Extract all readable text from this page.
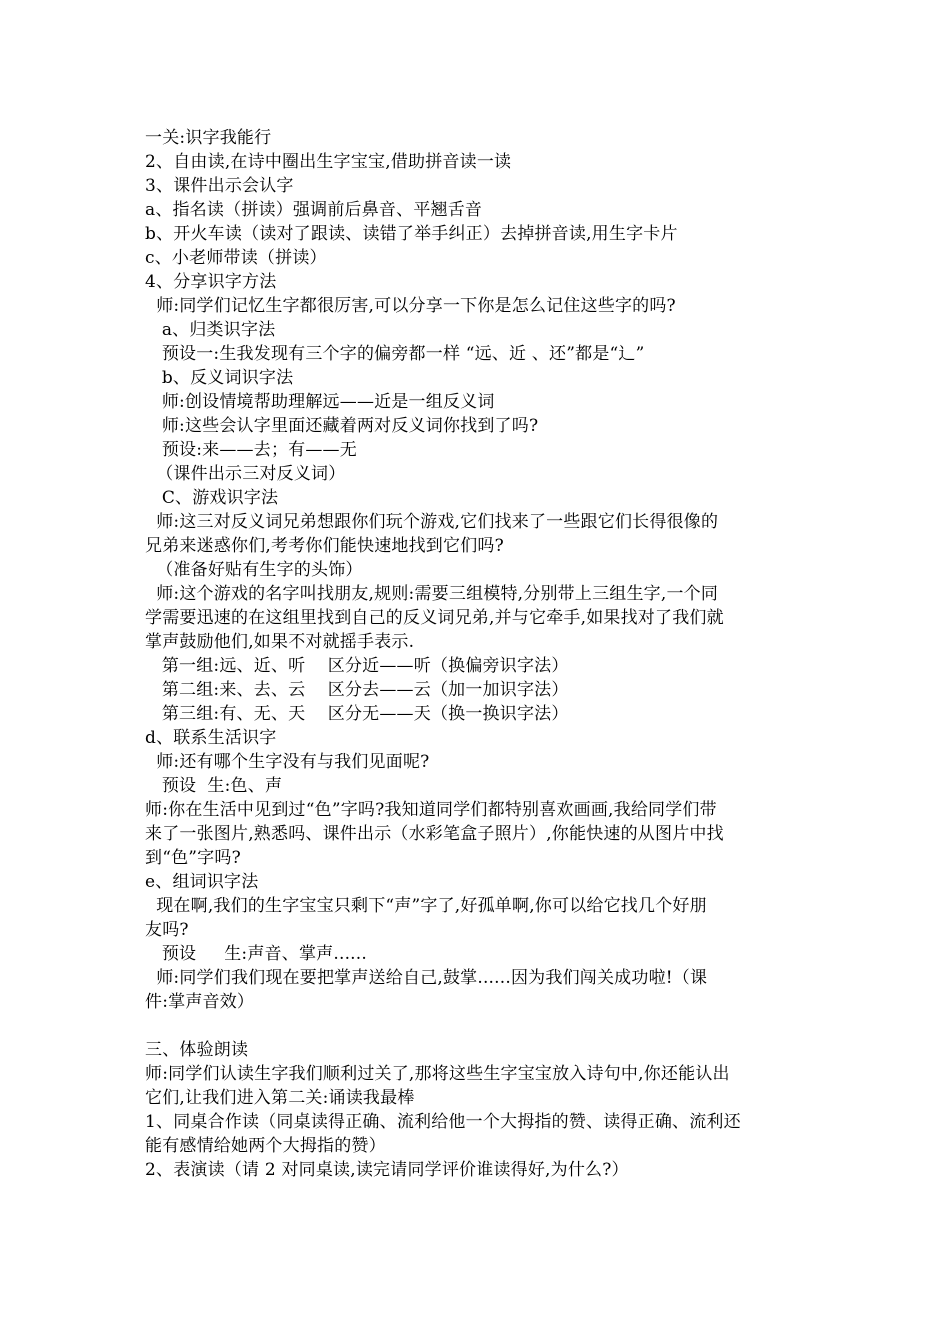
一关:识字我能行

2、自由读,在诗中圈出生字宝宝,借助拼音读一读

3、课件出示会认字

a、指名读（拼读）强调前后鼻音、平翘舌音

b、开火车读（读对了跟读、读错了举手纠正）去掉拼音读,用生字卡片

c、小老师带读（拼读）

4、分享识字方法

师:同学们记忆生字都很厉害,可以分享一下你是怎么记住这些字的吗?

a、归类识字法

预设一:生我发现有三个字的偏旁都一样 “远、近 、还”都是“辶”

b、反义词识字法

师:创设情境帮助理解远——近是一组反义词

师:这些会认字里面还藏着两对反义词你找到了吗?

预设:来——去；有——无

（课件出示三对反义词）

C、游戏识字法

师:这三对反义词兄弟想跟你们玩个游戏,它们找来了一些跟它们长得很像的

兄弟来迷惑你们,考考你们能快速地找到它们吗?

（准备好贴有生字的头饰）

师:这个游戏的名字叫找朋友,规则:需要三组模特,分别带上三组生字,一个同

学需要迅速的在这组里找到自己的反义词兄弟,并与它牵手,如果找对了我们就

掌声鼓励他们,如果不对就摇手表示.

第一组:远、近、听    区分近——听（换偏旁识字法）

第二组:来、去、云    区分去——云（加一加识字法）

第三组:有、无、天    区分无——天（换一换识字法）

d、联系生活识字

师:还有哪个生字没有与我们见面呢?

预设  生:色、声

师:你在生活中见到过“色”字吗?我知道同学们都特别喜欢画画,我给同学们带

来了一张图片,熟悉吗、课件出示（水彩笔盒子照片）,你能快速的从图片中找

到“色”字吗?

e、组词识字法

现在啊,我们的生字宝宝只剩下“声”字了,好孤单啊,你可以给它找几个好朋

友吗?

预设     生:声音、掌声......

师:同学们我们现在要把掌声送给自己,鼓掌......因为我们闯关成功啦!（课

件:掌声音效）

三、体验朗读

师:同学们认读生字我们顺利过关了,那将这些生字宝宝放入诗句中,你还能认出

它们,让我们进入第二关:诵读我最棒

1、同桌合作读（同桌读得正确、流利给他一个大拇指的赞、读得正确、流利还

能有感情给她两个大拇指的赞）

2、表演读（请 2 对同桌读,读完请同学评价谁读得好,为什么?）
